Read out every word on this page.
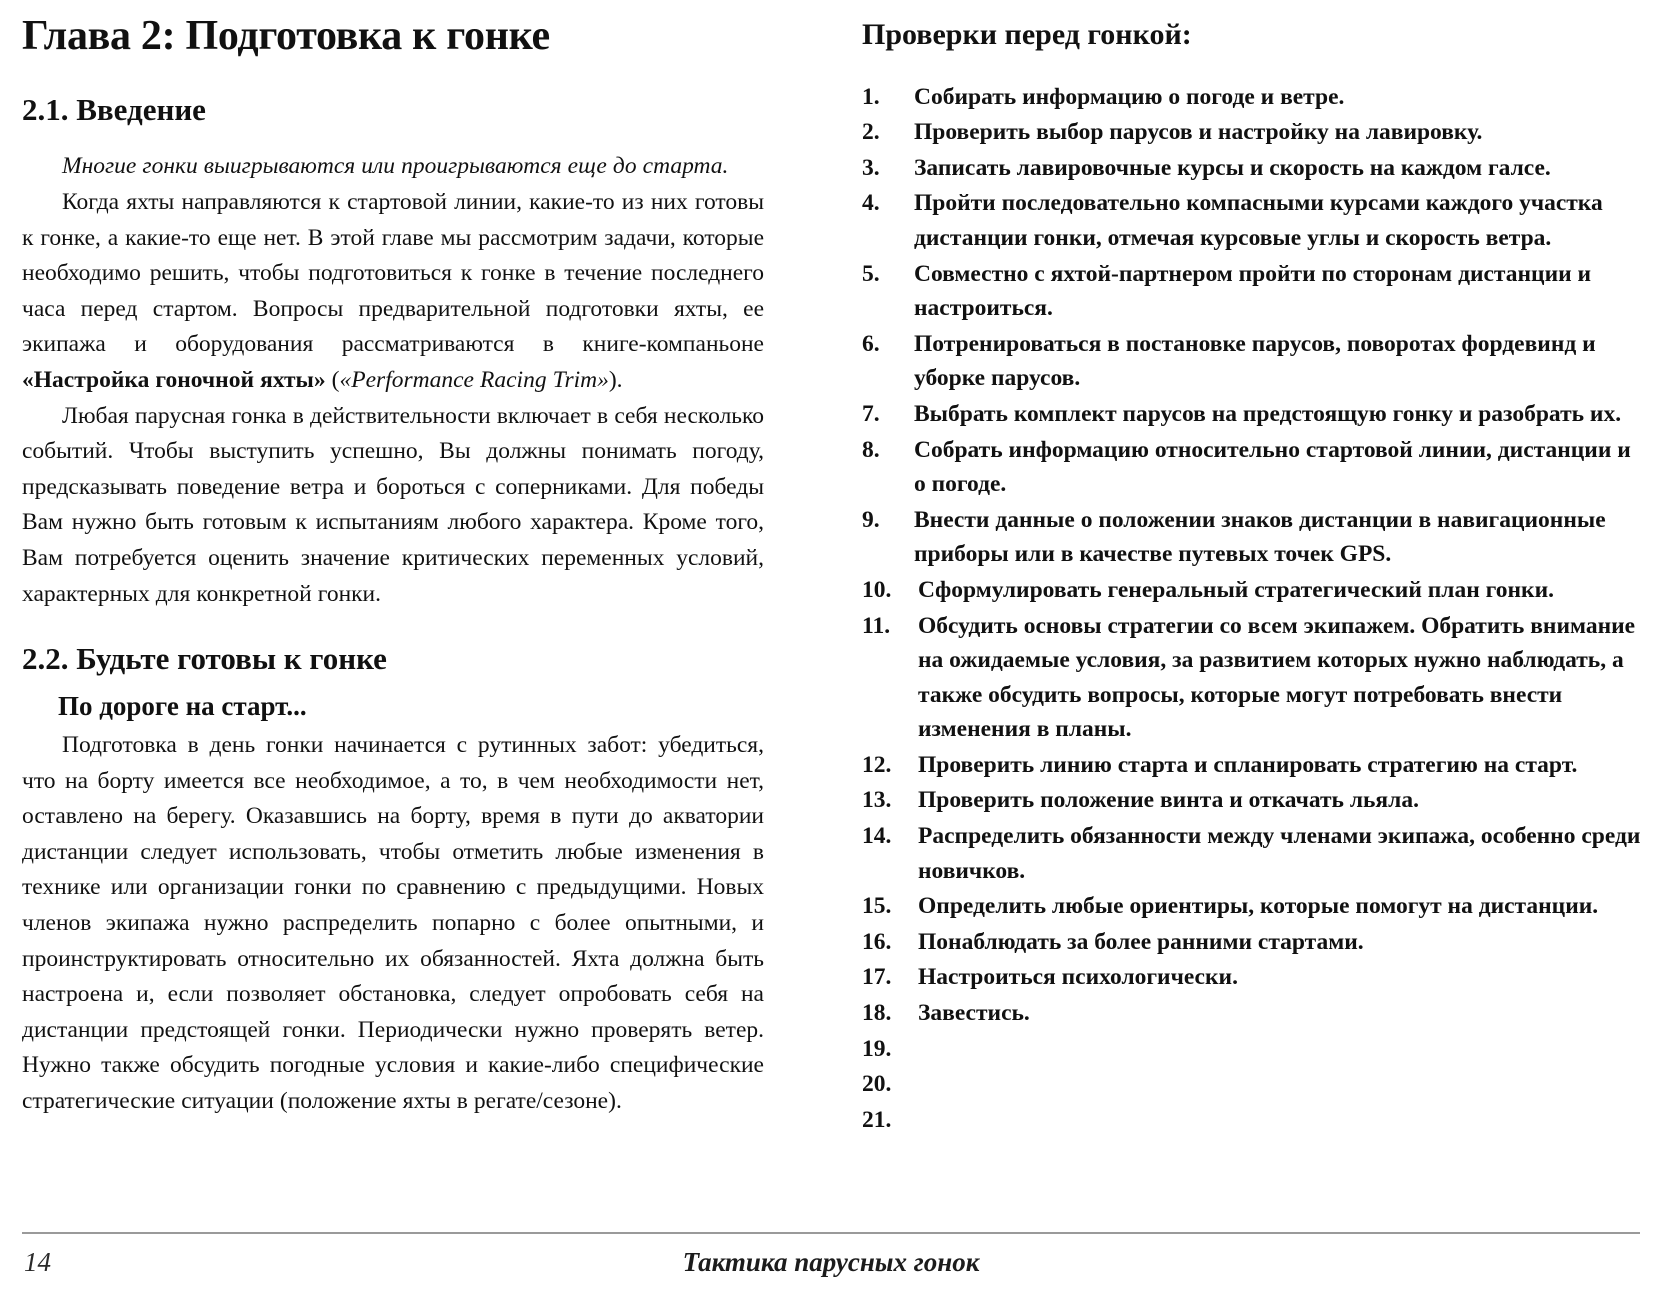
Глава 2: Подготовка к гонке
2.1. Введение

Многие гонки выигрываются или проигрываются еще до старта.

Когда яхты направляются к стартовой линии, какие-то из них готовы к гонке, а какие-то еще нет. В этой главе мы рассмотрим задачи, которые необходимо решить, чтобы подготовиться к гонке в течение последнего часа перед стартом. Вопросы предварительной подготовки яхты, ее экипажа и оборудования рассматриваются в книге-компаньоне «Настройка гоночной яхты» («Performance Racing Trim»).

Любая парусная гонка в действительности включает в себя несколько событий. Чтобы выступить успешно, Вы должны понимать погоду, предсказывать поведение ветра и бороться с соперниками. Для победы Вам нужно быть готовым к испытаниям любого характера. Кроме того, Вам потребуется оценить значение критических переменных условий, характерных для конкретной гонки.

2.2. Будьте готовы к гонке
По дороге на старт...

Подготовка в день гонки начинается с рутинных забот: убедиться, что на борту имеется все необходимое, а то, в чем необходимости нет, оставлено на берегу. Оказавшись на борту, время в пути до акватории дистанции следует использовать, чтобы отметить любые изменения в технике или организации гонки по сравнению с предыдущими. Новых членов экипажа нужно распределить попарно с более опытными, и проинструктировать относительно их обязанностей. Яхта должна быть настроена и, если позволяет обстановка, следует опробовать себя на дистанции предстоящей гонки. Периодически нужно проверять ветер. Нужно также обсудить погодные условия и какие-либо специфические стратегические ситуации (положение яхты в регате/сезоне).

Проверки перед гонкой:
1.	Собирать информацию о погоде и ветре.
2.	Проверить выбор парусов и настройку на лавировку.
3.	Записать лавировочные курсы и скорость на каждом галсе.
4.	Пройти последовательно компасными курсами каждого участка дистанции гонки, отмечая курсовые углы и скорость ветра.
5.	Совместно с яхтой-партнером пройти по сторонам дистанции и настроиться.
6.	Потренироваться в постановке парусов, поворотах фордевинд и уборке парусов.
7.	Выбрать комплект парусов на предстоящую гонку и разобрать их.
8.	Собрать информацию относительно стартовой линии, дистанции и о погоде.
9.	Внести данные о положении знаков дистанции в навигационные приборы или в качестве путевых точек GPS.
10.	Сформулировать генеральный стратегический план гонки.
11.	Обсудить основы стратегии со всем экипажем. Обратить внимание на ожидаемые условия, за развитием которых нужно наблюдать, а также обсудить вопросы, которые могут потребовать внести изменения в планы.
12.	Проверить линию старта и спланировать стратегию на старт.
13.	Проверить положение винта и откачать льяла.
14.	Распределить обязанности между членами экипажа, особенно среди новичков.
15.	Определить любые ориентиры, которые помогут на дистанции.
16.	Понаблюдать за более ранними стартами.
17.	Настроиться психологически.
18.	Завестись.
19.
20.
21.
14	Тактика парусных гонок
